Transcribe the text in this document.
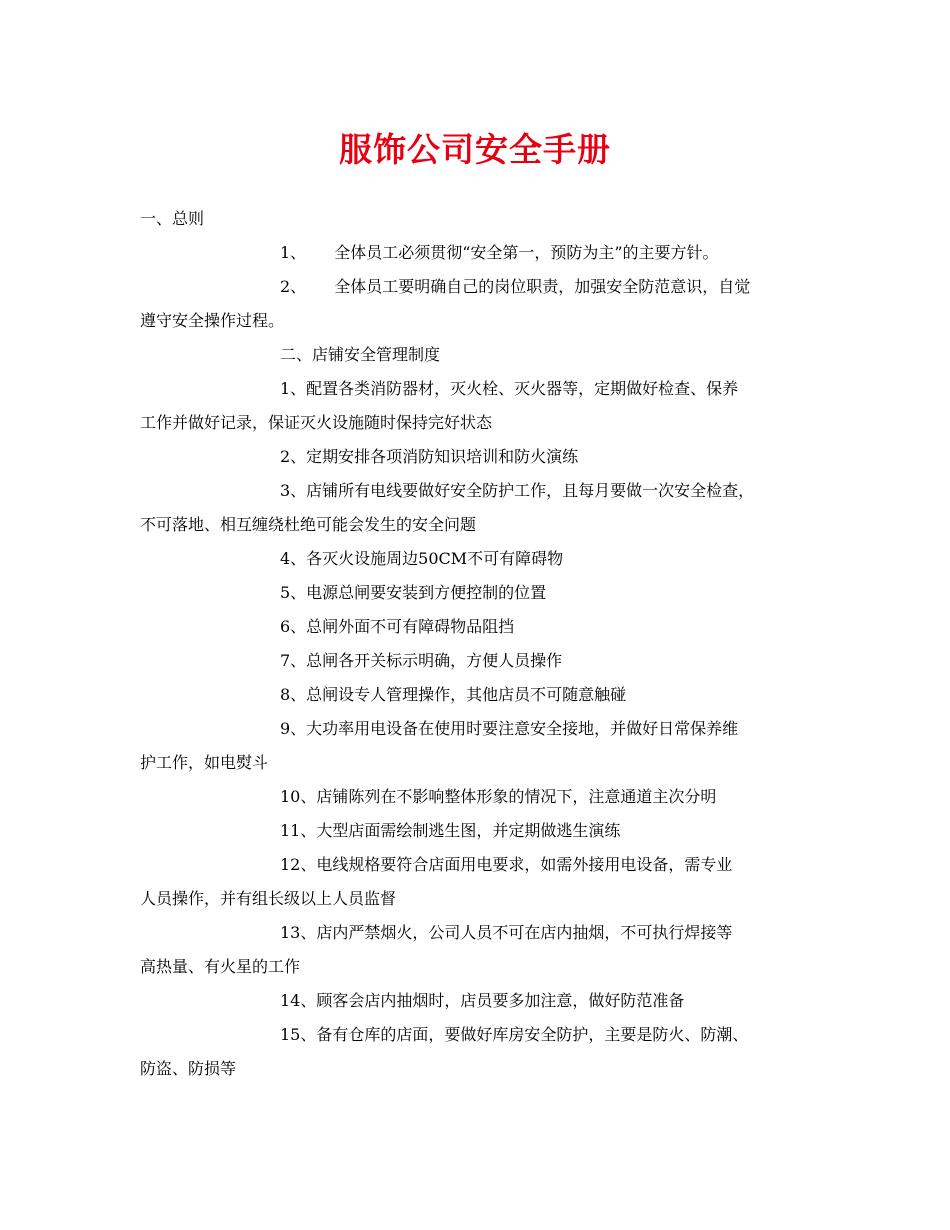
服饰公司安全手册

一、总则

1、 全体员工必须贯彻“安全第一，预防为主”的主要方针。

2、 全体员工要明确自己的岗位职责，加强安全防范意识，自觉

遵守安全操作过程。

二、店铺安全管理制度

1、配置各类消防器材，灭火栓、灭火器等，定期做好检查、保养

工作并做好记录，保证灭火设施随时保持完好状态

2、定期安排各项消防知识培训和防火演练

3、店铺所有电线要做好安全防护工作，且每月要做一次安全检查，

不可落地、相互缠绕杜绝可能会发生的安全问题

4、各灭火设施周边50CM不可有障碍物

5、电源总闸要安装到方便控制的位置

6、总闸外面不可有障碍物品阻挡

7、总闸各开关标示明确，方便人员操作

8、总闸设专人管理操作，其他店员不可随意触碰

9、大功率用电设备在使用时要注意安全接地，并做好日常保养维

护工作，如电熨斗

10、店铺陈列在不影响整体形象的情况下，注意通道主次分明

11、大型店面需绘制逃生图，并定期做逃生演练

12、电线规格要符合店面用电要求，如需外接用电设备，需专业

人员操作，并有组长级以上人员监督

13、店内严禁烟火，公司人员不可在店内抽烟，不可执行焊接等

高热量、有火星的工作

14、顾客会店内抽烟时，店员要多加注意，做好防范准备

15、备有仓库的店面，要做好库房安全防护，主要是防火、防潮、

防盗、防损等
